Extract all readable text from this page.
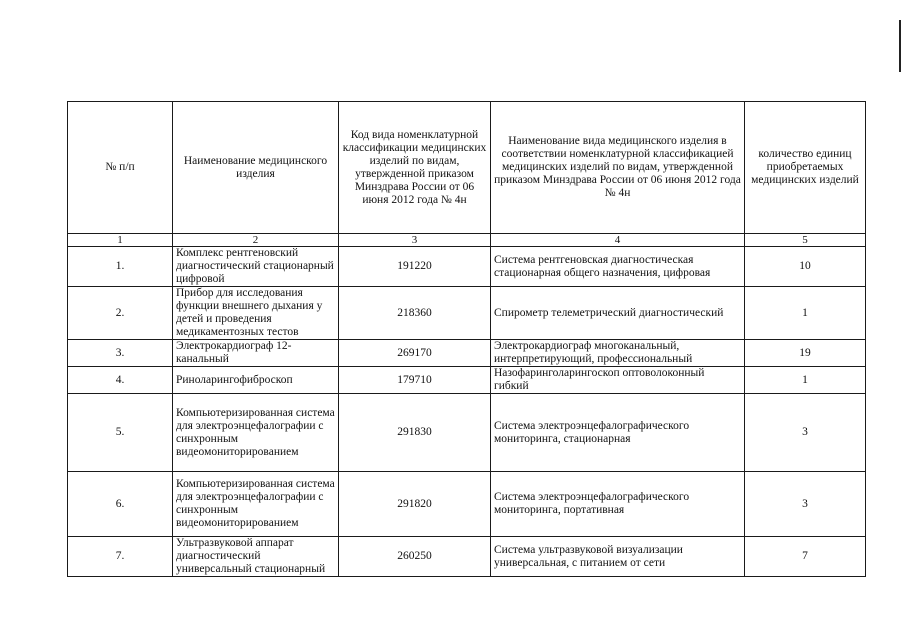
№ п/п	Наименование медицинского изделия	Код вида номенклатурной классификации медицинских изделий по видам, утвержденной приказом Минздрава России от 06 июня 2012 года № 4н	Наименование вида медицинского изделия в соответствии номенклатурной классификацией медицинских изделий по видам, утвержденной приказом Минздрава России от 06 июня 2012 года № 4н	количество единиц приобретаемых медицинских изделий
1	2	3	4	5
1.	Комплекс рентгеновский диагностический стационарный цифровой	191220	Система рентгеновская диагностическая стационарная общего назначения, цифровая	10
2.	Прибор для исследования функции внешнего дыхания у детей и проведения медикаментозных тестов	218360	Спирометр телеметрический диагностический	1
3.	Электрокардиограф 12-канальный	269170	Электрокардиограф многоканальный, интерпретирующий, профессиональный	19
4.	Риноларингофиброскоп	179710	Назофаринголарингоскоп оптоволоконный гибкий	1
5.	Компьютеризированная система для электроэнцефалографии с синхронным видеомониторированием	291830	Система электроэнцефалографического мониторинга, стационарная	3
6.	Компьютеризированная система для электроэнцефалографии с синхронным видеомониторированием	291820	Система электроэнцефалографического мониторинга, портативная	3
7.	Ультразвуковой аппарат диагностический универсальный стационарный	260250	Система ультразвуковой визуализации универсальная, с питанием от сети	7
